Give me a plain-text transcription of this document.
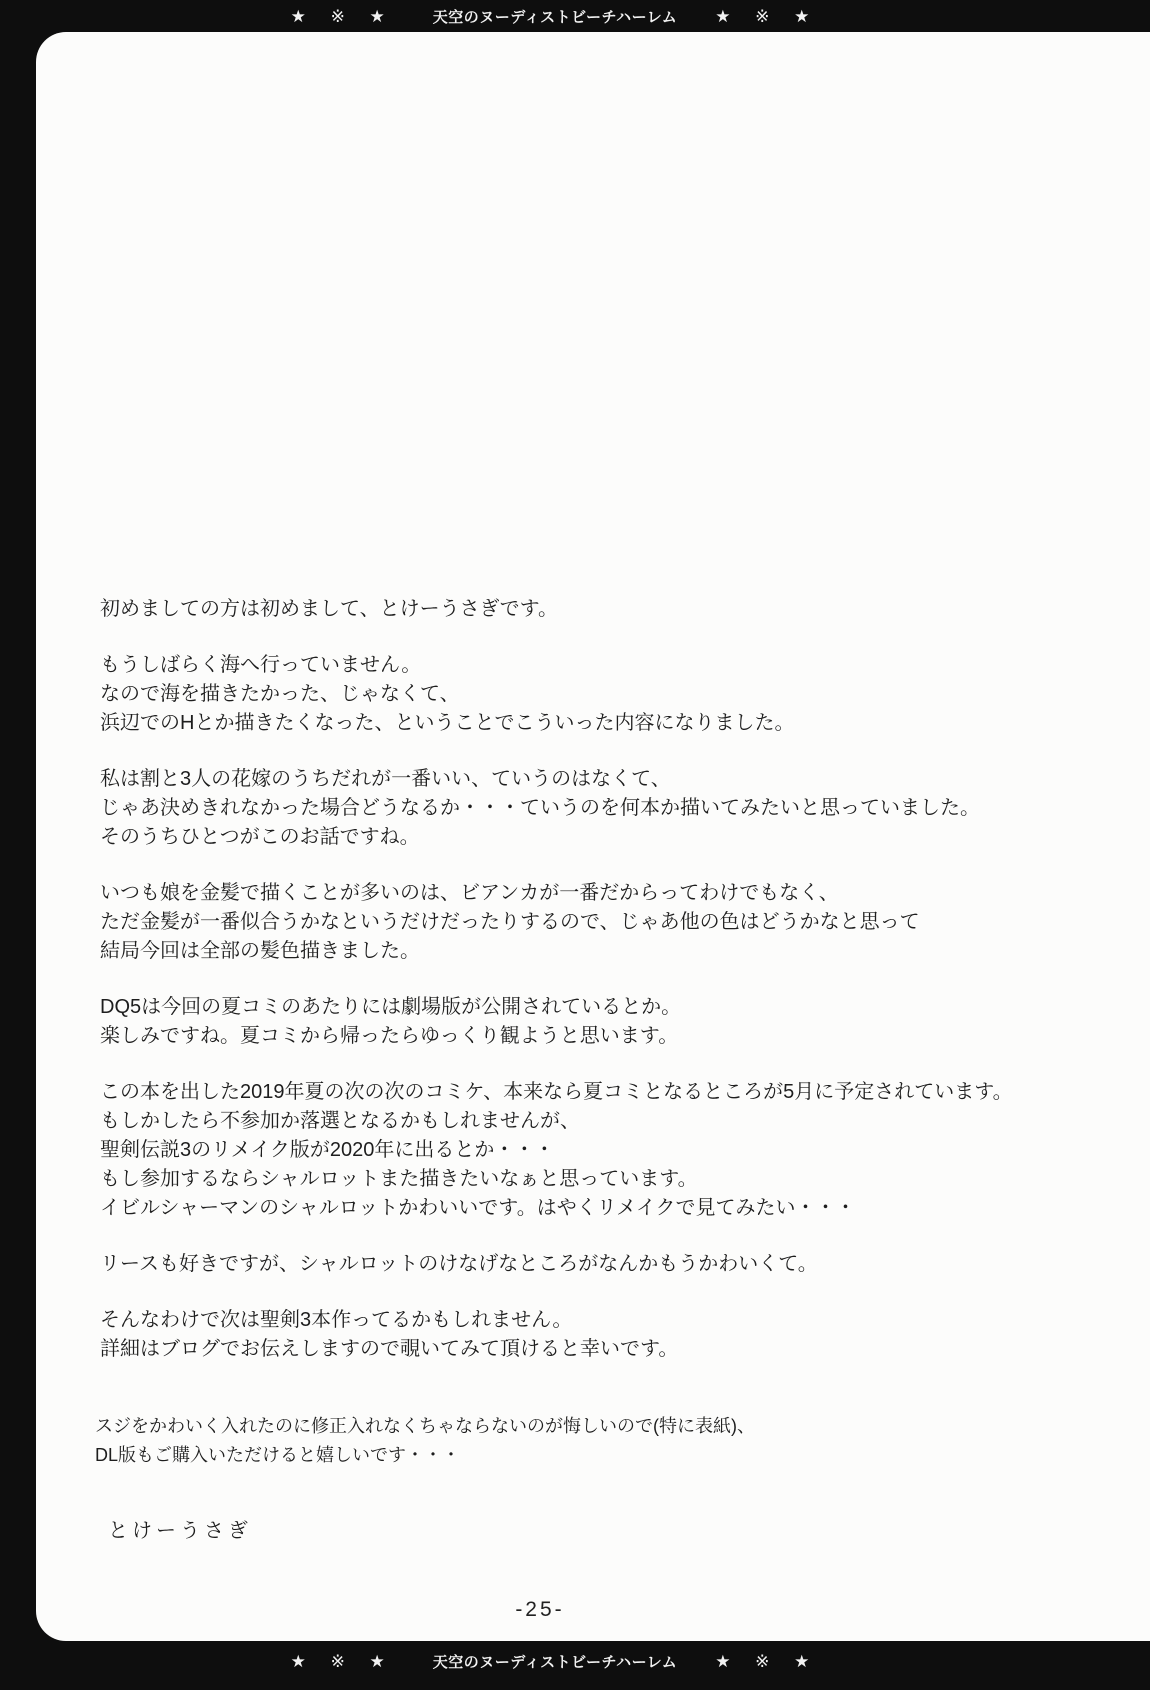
★ ※ ★	天空のヌーディストビーチハーレム ★ ※ ★

初めましての方は初めまして、とけーうさぎです。

もうしばらく海へ行っていません。
なので海を描きたかった、じゃなくて、
浜辺でのHとか描きたくなった、ということでこういった内容になりました。

私は割と3人の花嫁のうちだれが一番いい、ていうのはなくて、
じゃあ決めきれなかった場合どうなるか・・・ていうのを何本か描いてみたいと思っていました。
そのうちひとつがこのお話ですね。

いつも娘を金髪で描くことが多いのは、ビアンカが一番だからってわけでもなく、
ただ金髪が一番似合うかなというだけだったりするので、じゃあ他の色はどうかなと思って
結局今回は全部の髪色描きました。

DQ5は今回の夏コミのあたりには劇場版が公開されているとか。
楽しみですね。夏コミから帰ったらゆっくり観ようと思います。

この本を出した2019年夏の次の次のコミケ、本来なら夏コミとなるところが5月に予定されています。
もしかしたら不参加か落選となるかもしれませんが、
聖剣伝説3のリメイク版が2020年に出るとか・・・
もし参加するならシャルロットまた描きたいなぁと思っています。
イビルシャーマンのシャルロットかわいいです。はやくリメイクで見てみたい・・・

リースも好きですが、シャルロットのけなげなところがなんかもうかわいくて。

そんなわけで次は聖剣3本作ってるかもしれません。
詳細はブログでお伝えしますので覗いてみて頂けると幸いです。

スジをかわいく入れたのに修正入れなくちゃならないのが悔しいので(特に表紙)、
DL版もご購入いただけると嬉しいです・・・

とけーうさぎ

-25-
★ ※ ★	天空のヌーディストビーチハーレム ★ ※ ★
